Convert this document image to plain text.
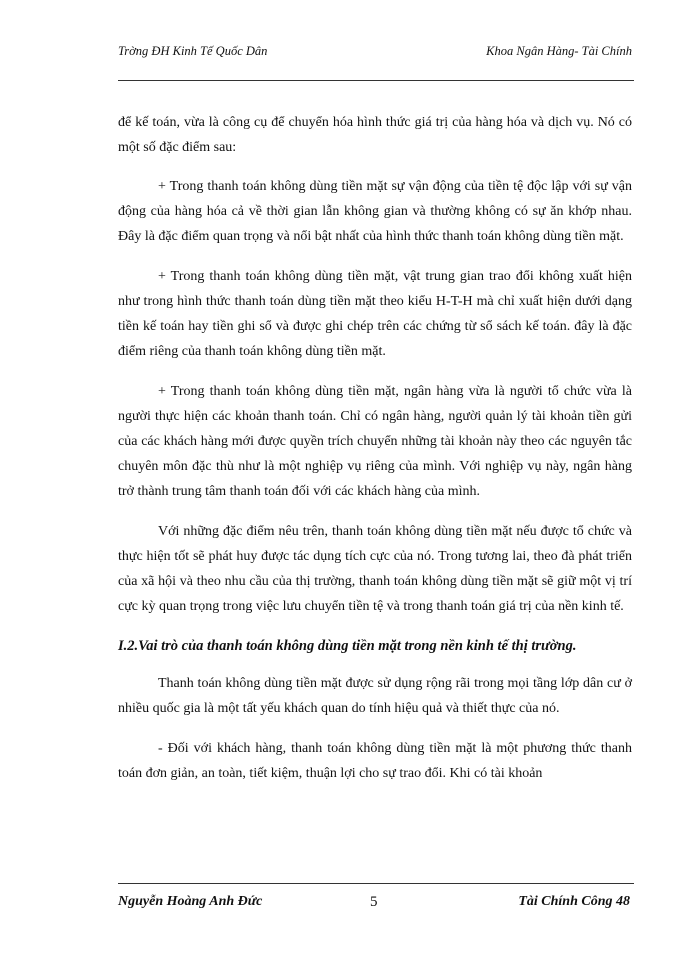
Trờng ĐH Kinh Tế Quốc Dân	Khoa Ngân Hàng- Tài Chính

để kế toán, vừa là công cụ để chuyển hóa hình thức giá trị của hàng hóa và dịch vụ. Nó có một số đặc điểm sau:

+ Trong thanh toán không dùng tiền mặt sự vận động của tiền tệ độc lập với sự vận động của hàng hóa cả về thời gian lẫn không gian và thường không có sự ăn khớp nhau. Đây là đặc điểm quan trọng và nổi bật nhất của hình thức thanh toán không dùng tiền mặt.

+ Trong thanh toán không dùng tiền mặt, vật trung gian trao đổi không xuất hiện như trong hình thức thanh toán dùng tiền mặt theo kiểu H-T-H mà chỉ xuất hiện dưới dạng tiền kế toán hay tiền ghi sổ và được ghi chép trên các chứng từ sổ sách kế toán. đây là đặc điểm riêng của thanh toán không dùng tiền mặt.

+ Trong thanh toán không dùng tiền mặt, ngân hàng vừa là người tổ chức vừa là người thực hiện các khoản thanh toán. Chỉ có ngân hàng, người quản lý tài khoản tiền gửi của các khách hàng mới được quyền trích chuyển những tài khoản này theo các nguyên tắc chuyên môn đặc thù như là một nghiệp vụ riêng của mình. Với nghiệp vụ này, ngân hàng trở thành trung tâm thanh toán đối với các khách hàng của mình.

Với những đặc điểm nêu trên, thanh toán không dùng tiền mặt nếu được tổ chức và thực hiện tốt sẽ phát huy được tác dụng tích cực của nó. Trong tương lai, theo đà phát triển của xã hội và theo nhu cầu của thị trường, thanh toán không dùng tiền mặt sẽ giữ một vị trí cực kỳ quan trọng trong việc lưu chuyển tiền tệ và trong thanh toán giá trị của nền kinh tế.

I.2.Vai trò của thanh toán không dùng tiền mặt trong nền kinh tế thị trường.

Thanh toán không dùng tiền mặt được sử dụng rộng rãi trong mọi tầng lớp dân cư ở nhiều quốc gia là một tất yếu khách quan do tính hiệu quả và thiết thực của nó.

- Đối với khách hàng, thanh toán không dùng tiền mặt là một phương thức thanh toán đơn giản, an toàn, tiết kiệm, thuận lợi cho sự trao đổi. Khi có tài khoản

Nguyễn Hoàng Anh Đức	5	Tài Chính Công 48
